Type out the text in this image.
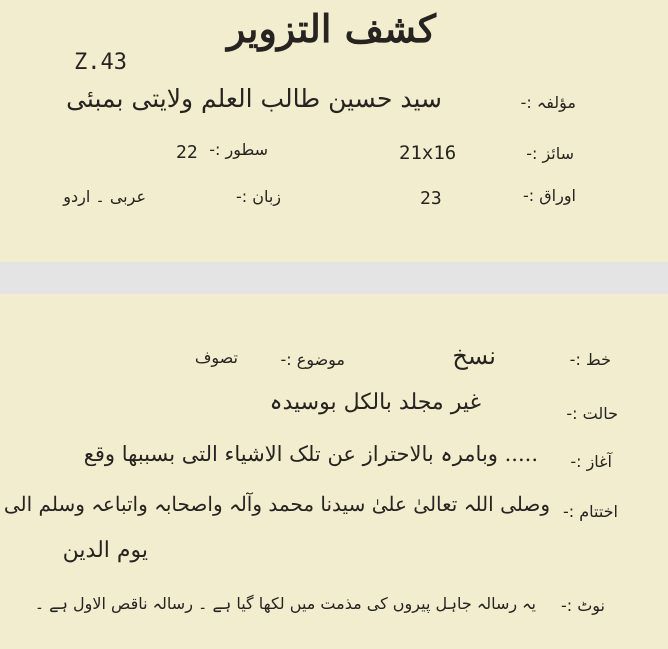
کشف التزویر
Z.43
مؤلفہ :-
سید حسین طالب العلم ولایتی بمبئی
سائز :-
21x16
سطور :-
22
اوراق :-
23
زبان :-
عربی ۔ اردو
خط :-
نسخ
موضوع :-
تصوف
حالت :-
غیر مجلد بالکل بوسیدہ
آغاز :-
..... وبامرہ بالاحتراز عن تلک الاشیاء التی بسببھا وقع
اختتام :-
وصلی اللہ تعالیٰ علیٰ سیدنا محمد وآلہ واصحابہ واتباعہ وسلم الی
یوم الدین
نوٹ :-
یہ رسالہ جاہل پیروں کی مذمت میں لکھا گیا ہے ۔ رسالہ ناقص الاول ہے ۔
